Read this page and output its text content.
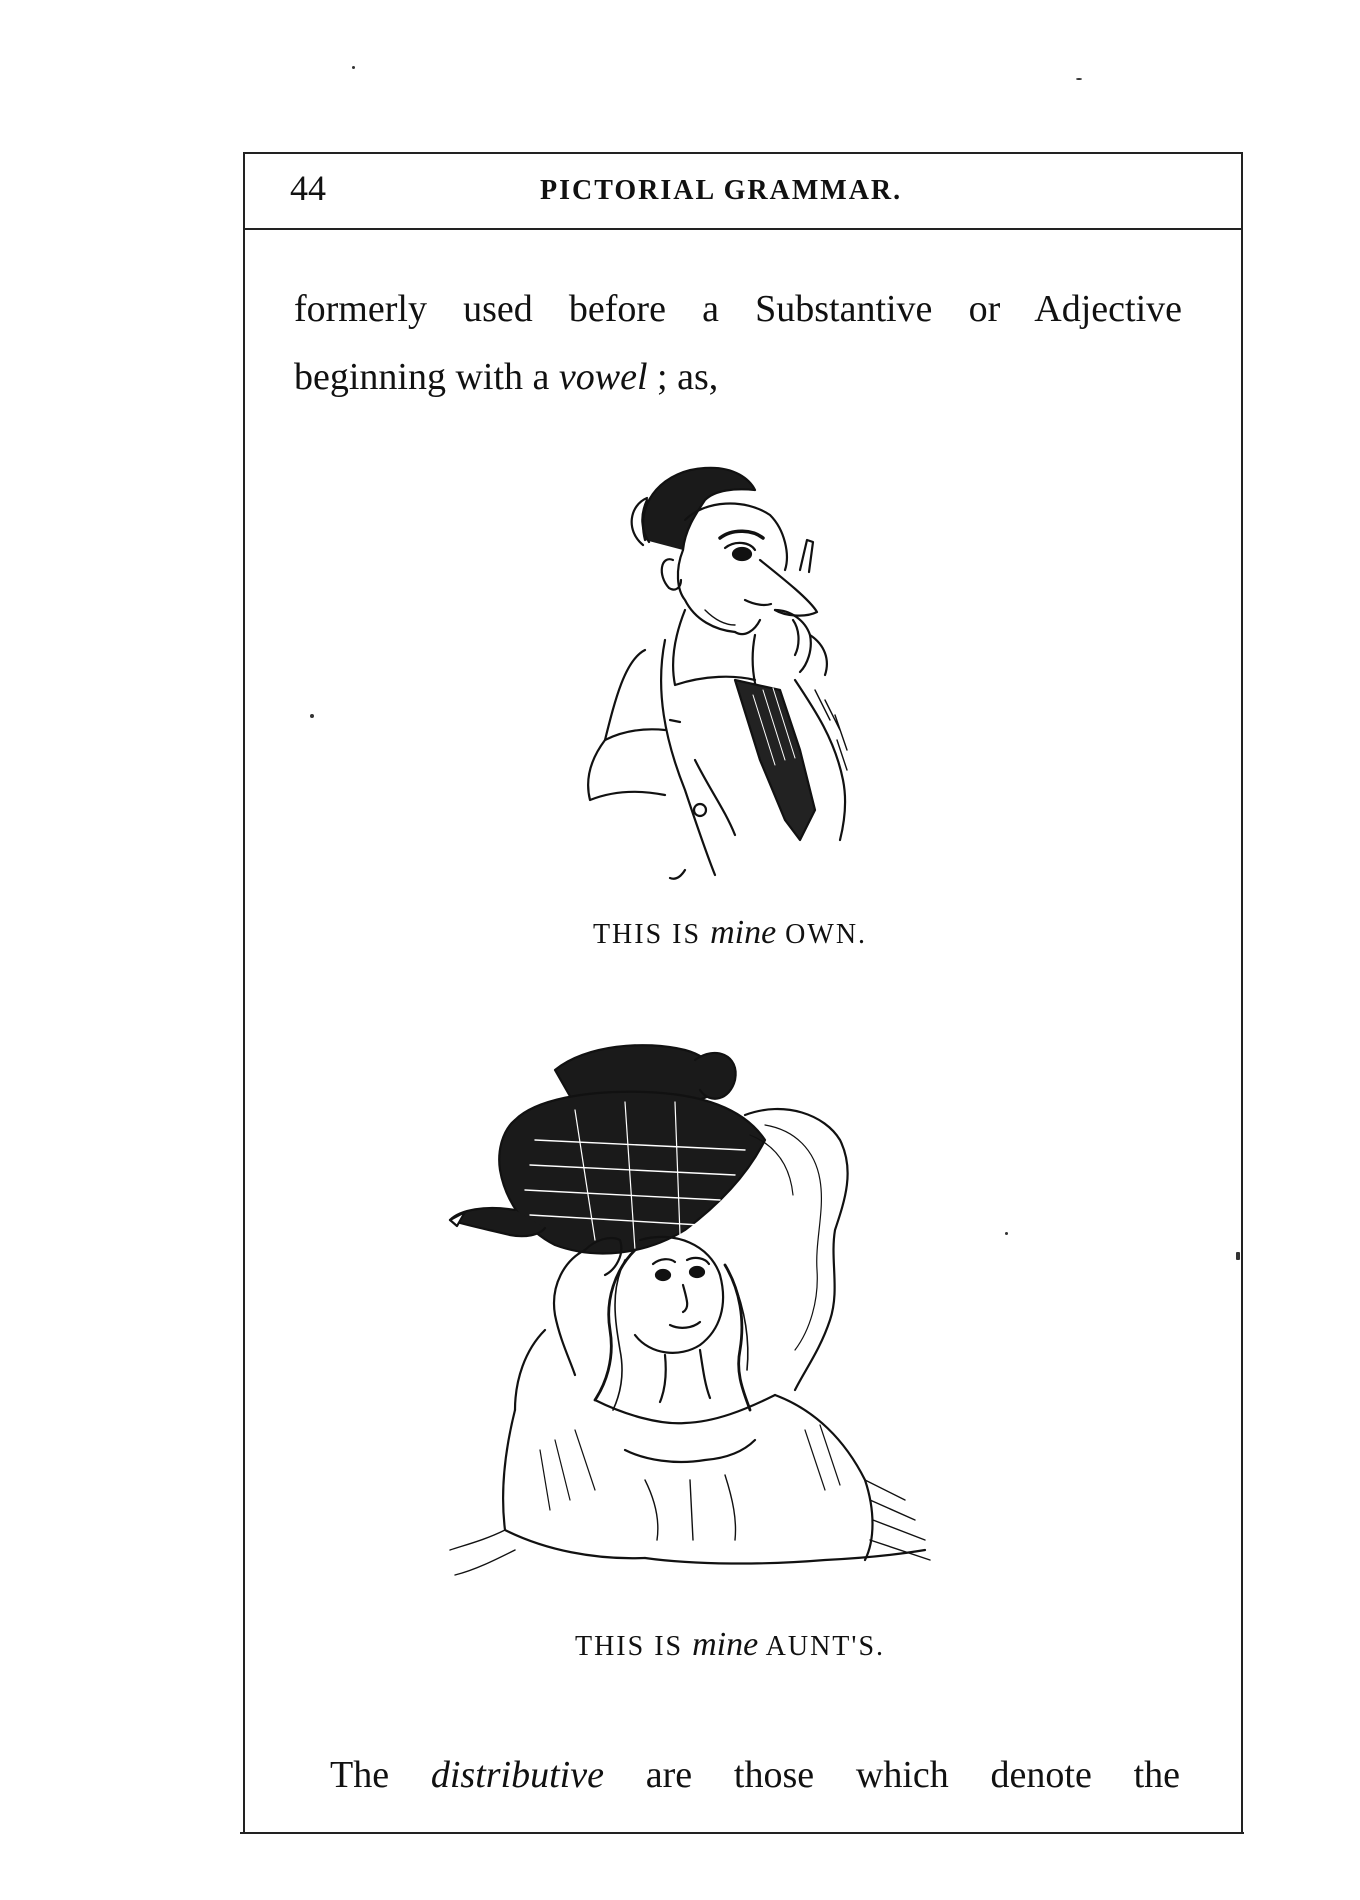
44	PICTORIAL GRAMMAR.
formerly used before a Substantive or Adjective
beginning with a vowel ; as,
THIS IS mine OWN.
THIS IS mine AUNT'S.
The distributive are those which denote the
